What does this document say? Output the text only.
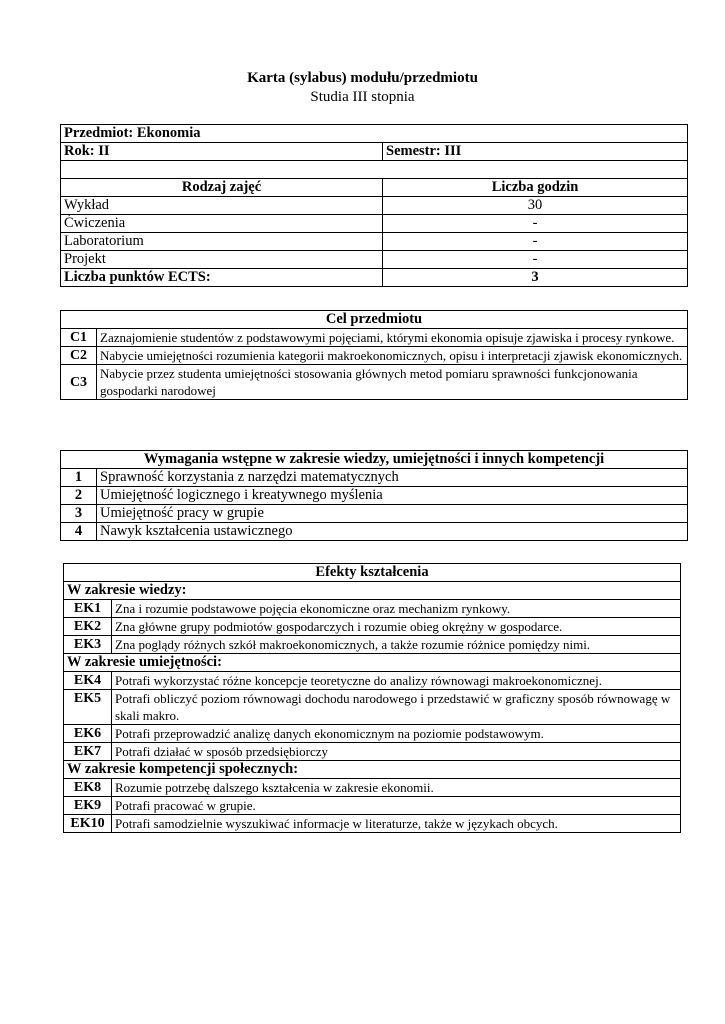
Karta (sylabus) modułu/przedmiotu
Studia III stopnia
Przedmiot: Ekonomia	
Rok: II	Semestr: III

Rodzaj zajęć	Liczba godzin
Wykład	30
Ćwiczenia	-
Laboratorium	-
Projekt	-
Liczba punktów ECTS:	3
Cel przedmiotu	
C1	Zaznajomienie studentów z podstawowymi pojęciami, którymi ekonomia opisuje zjawiska i procesy rynkowe.
C2	Nabycie umiejętności rozumienia kategorii makroekonomicznych, opisu i interpretacji zjawisk ekonomicznych.
C3	Nabycie przez studenta umiejętności stosowania głównych metod pomiaru sprawności funkcjonowania gospodarki narodowej
Wymagania wstępne w zakresie wiedzy, umiejętności i innych kompetencji	
1	Sprawność korzystania z narzędzi matematycznych
2	Umiejętność logicznego i kreatywnego myślenia
3	Umiejętność pracy w grupie
4	Nawyk kształcenia ustawicznego
Efekty kształcenia	
W zakresie wiedzy:	
EK1	Zna i rozumie podstawowe pojęcia ekonomiczne oraz mechanizm rynkowy.
EK2	Zna główne grupy podmiotów gospodarczych i rozumie obieg okrężny w gospodarce.
EK3	Zna poglądy różnych szkół makroekonomicznych, a także rozumie różnice pomiędzy nimi.
W zakresie umiejętności:	
EK4	Potrafi wykorzystać różne koncepcje teoretyczne do analizy równowagi makroekonomicznej.
EK5	Potrafi obliczyć poziom równowagi dochodu narodowego i przedstawić w graficzny sposób równowagę w skali makro.
EK6	Potrafi przeprowadzić analizę danych ekonomicznym na poziomie podstawowym.
EK7	Potrafi działać w sposób przedsiębiorczy
W zakresie kompetencji społecznych:	
EK8	Rozumie potrzebę dalszego kształcenia w zakresie ekonomii.
EK9	Potrafi pracować w grupie.
EK10	Potrafi samodzielnie wyszukiwać informacje w literaturze, także w językach obcych.
